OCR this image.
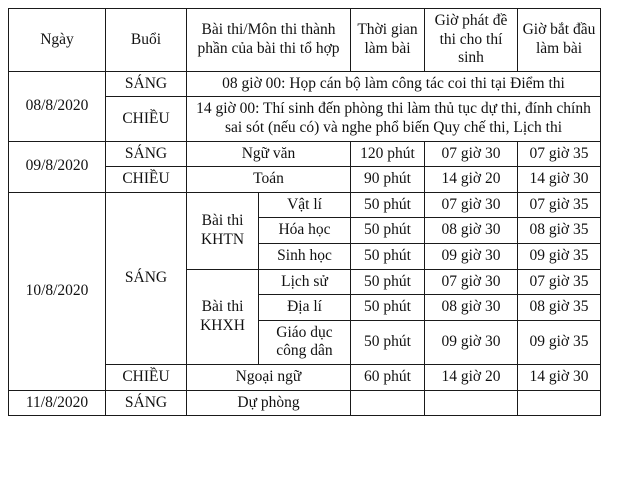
Ngày	Buổi	Bài thi/Môn thi thành phần của bài thi tổ hợp		Thời gian làm bài	Giờ phát đề thi cho thí sinh	Giờ bắt đầu làm bài
08/8/2020	SÁNG	08 giờ 00: Họp cán bộ làm công tác coi thi tại Điểm thi				
	CHIỀU	14 giờ 00: Thí sinh đến phòng thi làm thủ tục dự thi, đính chính sai sót (nếu có) và nghe phổ biến Quy chế thi, Lịch thi				
09/8/2020	SÁNG	Ngữ văn		120 phút	07 giờ 30	07 giờ 35
	CHIỀU	Toán		90 phút	14 giờ 20	14 giờ 30
10/8/2020	SÁNG	Bài thi KHTN	Vật lí	50 phút	07 giờ 30	07 giờ 35
			Hóa học	50 phút	08 giờ 30	08 giờ 35
			Sinh học	50 phút	09 giờ 30	09 giờ 35
		Bài thi KHXH	Lịch sử	50 phút	07 giờ 30	07 giờ 35
			Địa lí	50 phút	08 giờ 30	08 giờ 35
			Giáo dục công dân	50 phút	09 giờ 30	09 giờ 35
	CHIỀU	Ngoại ngữ		60 phút	14 giờ 20	14 giờ 30
11/8/2020	SÁNG	Dự phòng				
